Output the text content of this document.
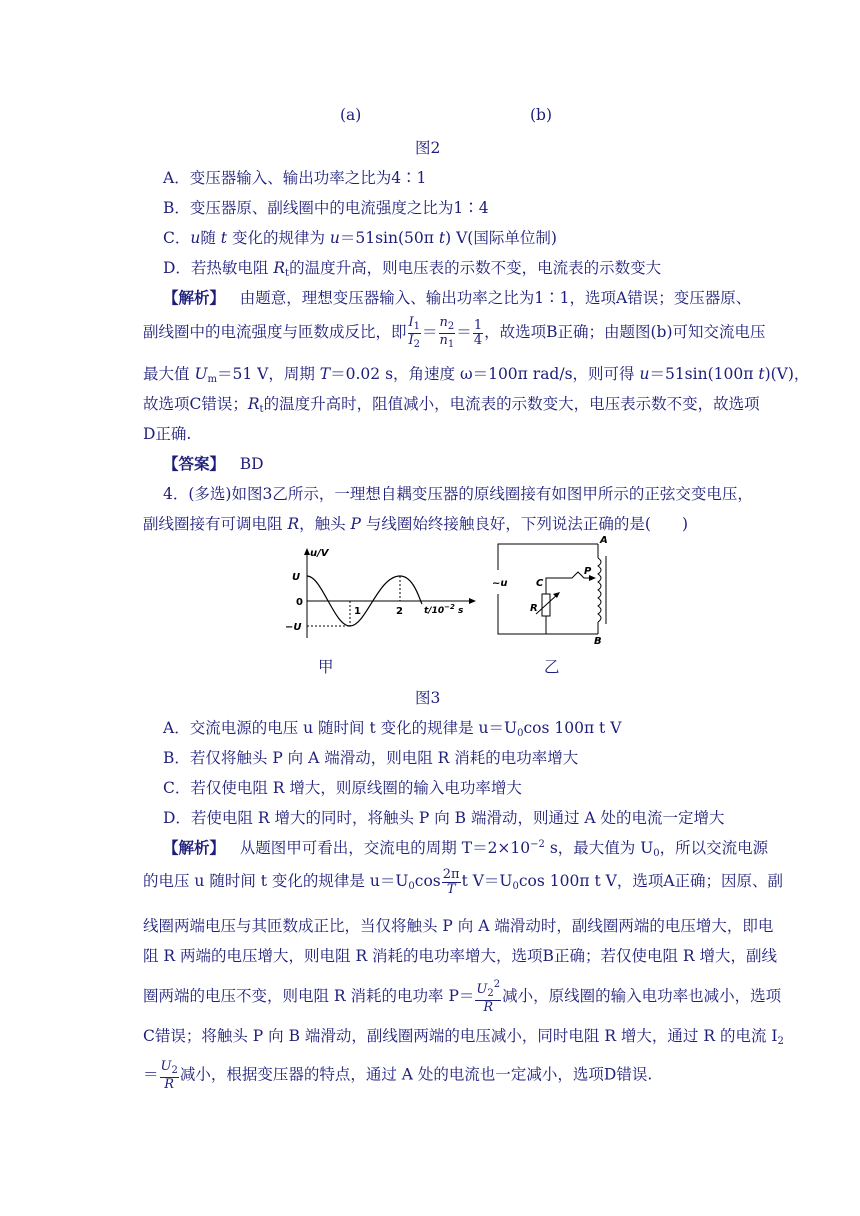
(a)	(b)
图2
A．变压器输入、输出功率之比为4∶1
B．变压器原、副线圈中的电流强度之比为1∶4
C．u随 t 变化的规律为 u＝51sin(50π t) V(国际单位制)
D．若热敏电阻 $R_t$的温度升高，则电压表的示数不变，电流表的示数变大
【解析】 由题意，理想变压器输入、输出功率之比为1∶1，选项A错误；变压器原、
副线圈中的电流强度与匝数成反比，即 $\frac{I_1}{I_2} = \frac{n_2}{n_1} = \frac{1}{4}$ ，故选项B正确；由题图(b)可知交流电压
最大值 $U_m=51$ V，周期 T＝0.02 s，角速度 ω＝100π rad/s，则可得 u＝51sin(100π t)(V)，
故选项C错误；$R_t$的温度升高时，阻值减小，电流表的示数变大，电压表示数不变，故选项
D正确.
【答案】 BD
4．(多选)如图3乙所示，一理想自耦变压器的原线圈接有如图甲所示的正弦交变电压，
副线圈接有可调电阻 R，触头 P 与线圈始终接触良好，下列说法正确的是(　　)
u/V
U
0
−U
1	2 $t/10^{-2}$ s
A
B
P
C
R
~u
甲	乙
图3
A．交流电源的电压 u 随时间 t 变化的规律是 $u=U_0\cos$ 100π t V
B．若仅将触头 P 向 A 端滑动，则电阻 R 消耗的电功率增大
C．若仅使电阻 R 增大，则原线圈的输入电功率增大
D．若使电阻 R 增大的同时，将触头 P 向 B 端滑动，则通过 A 处的电流一定增大
【解析】 从题图甲可看出，交流电的周期 $T=2\times 10^{-2}$ s，最大值为 $U_0$，所以交流电源
的电压 u 随时间 t 变化的规律是 $u=U_0\cos \frac{2\pi}{T}$ t $V=U_0\cos$ 100π t V，选项A正确；因原、副
线圈两端电压与其匝数成正比，当仅将触头 P 向 A 端滑动时，副线圈两端的电压增大，即电
阻 R 两端的电压增大，则电阻 R 消耗的电功率增大，选项B正确；若仅使电阻 R 增大，副线
圈两端的电压不变，则电阻 R 消耗的电功率 $P= \frac{U_2^2}{R}$ 减小，原线圈的输入电功率也减小，选项
C错误；将触头 P 向 B 端滑动，副线圈两端的电压减小，同时电阻 R 增大，通过 R 的电流 $I_2$
＝ $\frac{U_2}{R}$ 减小，根据变压器的特点，通过 A 处的电流也一定减小，选项D错误.
